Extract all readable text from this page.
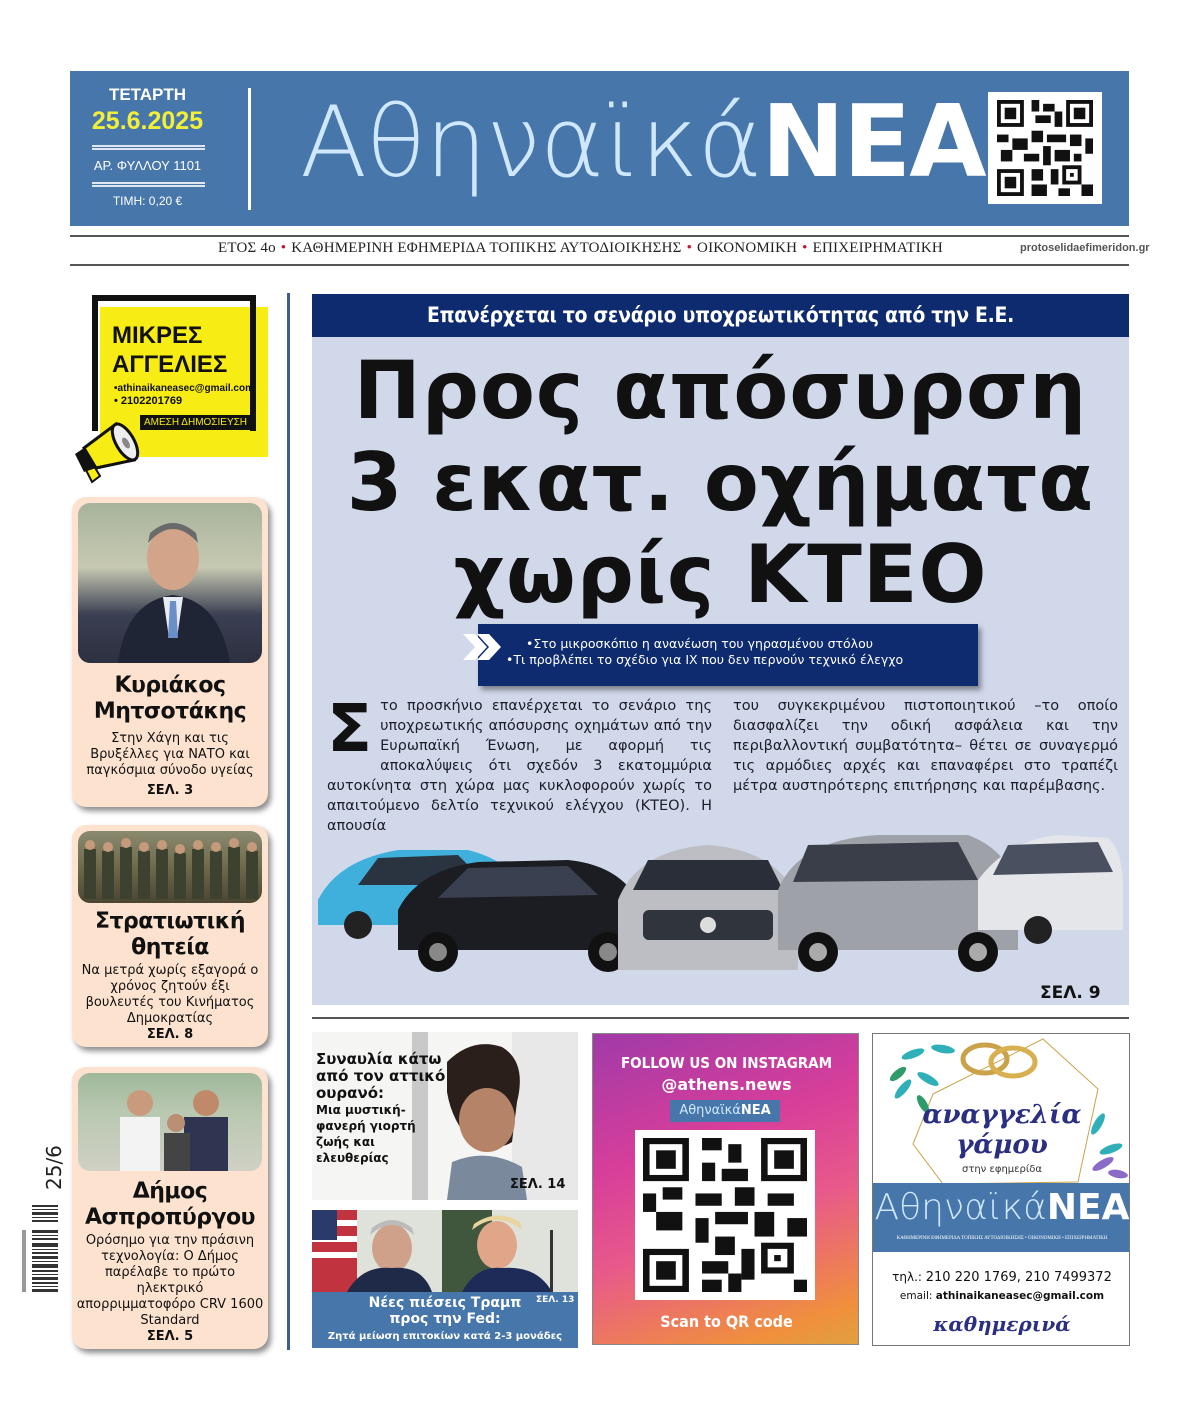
ΤΕΤΑΡΤΗ
25.6.2025
ΑΡ. ΦΥΛΛΟΥ 1101
ΤΙΜΗ: 0,20 €
ΑθηναϊκάΝΕΑ
ΕΤΟΣ 4ο • ΚΑΘΗΜΕΡΙΝΗ ΕΦΗΜΕΡΙΔΑ ΤΟΠΙΚΗΣ ΑΥΤΟΔΙΟΙΚΗΣΗΣ • ΟΙΚΟΝΟΜΙΚΗ • ΕΠΙΧΕΙΡΗΜΑΤΙΚΗ	protoselidaefimeridon.gr
ΜΙΚΡΕΣ
ΑΓΓΕΛΙΕΣ
•athinaikaneasec@gmail.com
• 2102201769
ΑΜΕΣΗ ΔΗΜΟΣΙΕΥΣΗ
Κυριάκος
Μητσοτάκης
Στην Χάγη και τις Βρυξέλλες για ΝΑΤΟ και παγκόσμια σύνοδο υγείας
ΣΕΛ. 3
Στρατιωτική
θητεία
Να μετρά χωρίς εξαγορά ο χρόνος ζητούν έξι βουλευτές του Κινήματος Δημοκρατίας
ΣΕΛ. 8
Δήμος
Ασπροπύργου
Ορόσημο για την πράσινη τεχνολογία: Ο Δήμος παρέλαβε το πρώτο ηλεκτρικό απορριμματοφόρο CRV 1600 Standard
ΣΕΛ. 5
25/6
Επανέρχεται το σενάριο υποχρεωτικότητας από την Ε.Ε.
Προς απόσυρση
3 εκατ. οχήματα
χωρίς ΚΤΕΟ
•Στο μικροσκόπιο η ανανέωση του γηρασμένου στόλου
•Τι προβλέπει το σχέδιο για ΙΧ που δεν περνούν τεχνικό έλεγχο
Στο προσκήνιο επανέρχεται το σενάριο της υποχρεωτικής απόσυρσης οχημάτων από την Ευρωπαϊκή Ένωση, με αφορμή τις αποκαλύψεις ότι σχεδόν 3 εκατομμύρια αυτοκίνητα στη χώρα μας κυκλοφορούν χωρίς το απαιτούμενο δελτίο τεχνικού ελέγχου (ΚΤΕΟ). Η απουσία
του συγκεκριμένου πιστοποιητικού –το οποίο διασφαλίζει την οδική ασφάλεια και την περιβαλλοντική συμβατότητα– θέτει σε συναγερμό τις αρμόδιες αρχές και επαναφέρει στο τραπέζι μέτρα αυστηρότερης επιτήρησης και παρέμβασης.
ΣΕΛ. 9
Συναυλία κάτω από τον αττικό ουρανό:
Μια μυστική-φανερή γιορτή ζωής και ελευθερίας
ΣΕΛ. 14
Νέες πιέσεις Τραμπ
προς την Fed:
Ζητά μείωση επιτοκίων κατά 2-3 μονάδες
ΣΕΛ. 13
FOLLOW US ON INSTAGRAM
@athens.news
ΑθηναϊκάΝΕΑ
Scan to QR code
αναγγελία
γάμου
στην εφημερίδα
ΑθηναϊκάΝΕΑ
ΚΑΘΗΜΕΡΙΝΗ ΕΦΗΜΕΡΙΔΑ ΤΟΠΙΚΗΣ ΑΥΤΟΔΙΟΙΚΗΣΗΣ • ΟΙΚΟΝΟΜΙΚΗ • ΕΠΙΧΕΙΡΗΜΑΤΙΚΗ
τηλ.: 210 220 1769, 210 7499372
email: athinaikaneasec@gmail.com
καθημερινά
